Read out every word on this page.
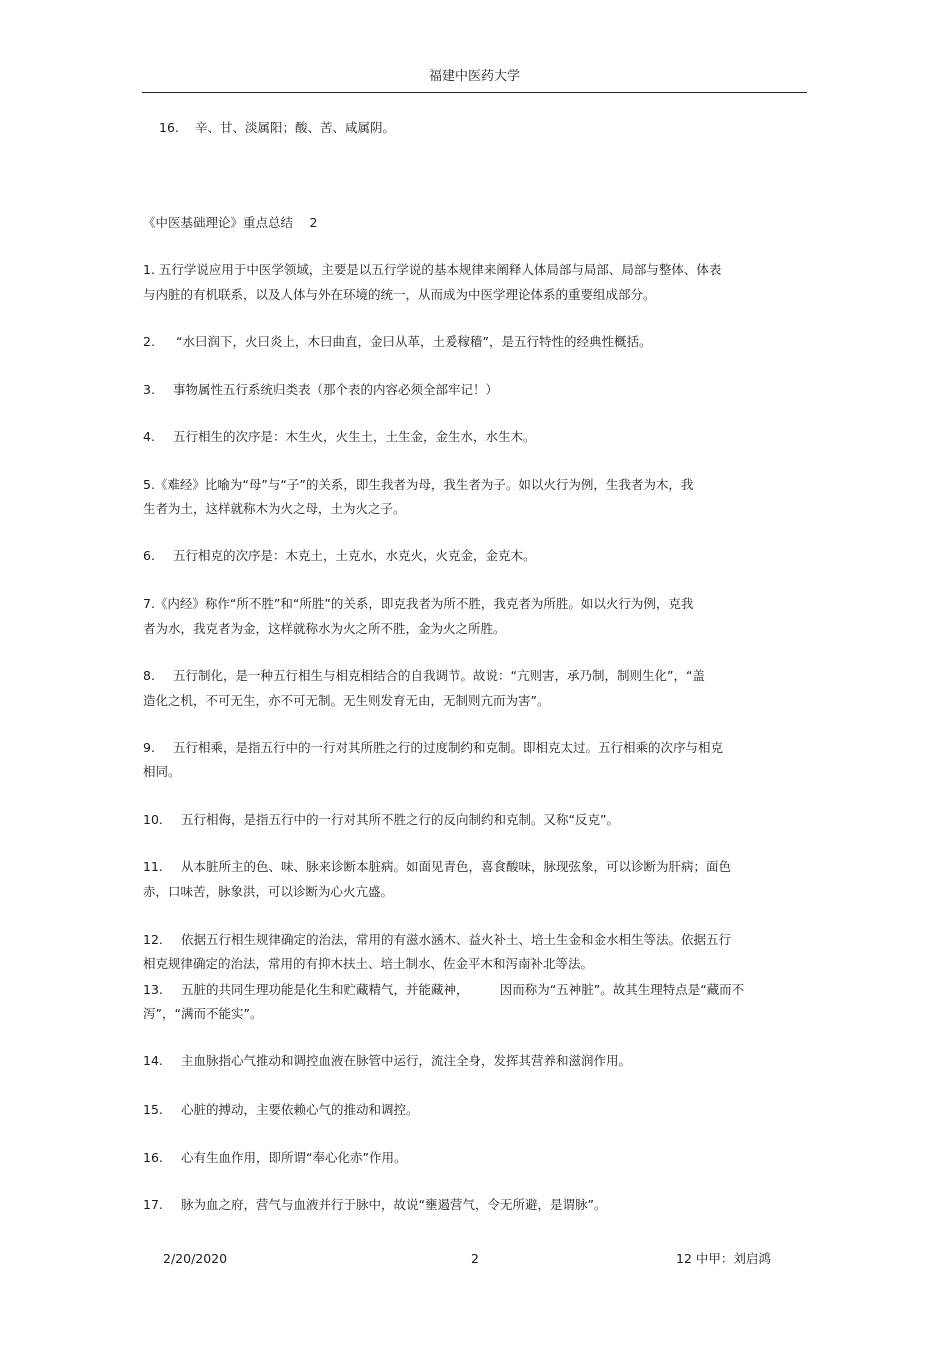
福建中医药大学
16. 辛、甘、淡属阳；酸、苦、咸属阴。
《中医基础理论》重点总结　 2
1. 五行学说应用于中医学领域，主要是以五行学说的基本规律来阐释人体局部与局部、局部与整体、体表
与内脏的有机联系，以及人体与外在环境的统一，从而成为中医学理论体系的重要组成部分。
2. “水曰润下，火曰炎上，木曰曲直，金曰从革，土爰稼穑”，是五行特性的经典性概括。
3. 事物属性五行系统归类表（那个表的内容必须全部牢记！）
4. 五行相生的次序是：木生火，火生土，土生金，金生水，水生木。
5.《难经》比喻为“母”与“子”的关系，即生我者为母，我生者为子。如以火行为例，生我者为木，我
生者为土，这样就称木为火之母，土为火之子。
6. 五行相克的次序是：木克土，土克水，水克火，火克金，金克木。
7.《内经》称作“所不胜”和“所胜”的关系，即克我者为所不胜，我克者为所胜。如以火行为例，克我
者为水，我克者为金，这样就称水为火之所不胜，金为火之所胜。
8. 五行制化，是一种五行相生与相克相结合的自我调节。故说：“亢则害，承乃制，制则生化”，“盖
造化之机，不可无生，亦不可无制。无生则发育无由，无制则亢而为害”。
9. 五行相乘，是指五行中的一行对其所胜之行的过度制约和克制。即相克太过。五行相乘的次序与相克
相同。
10. 五行相侮，是指五行中的一行对其所不胜之行的反向制约和克制。又称“反克”。
11. 从本脏所主的色、味、脉来诊断本脏病。如面见青色，喜食酸味，脉现弦象，可以诊断为肝病；面色
赤，口味苦，脉象洪，可以诊断为心火亢盛。
12. 依据五行相生规律确定的治法，常用的有滋水涵木、益火补土、培土生金和金水相生等法。依据五行
相克规律确定的治法，常用的有抑木扶土、培土制水、佐金平木和泻南补北等法。
13. 五脏的共同生理功能是化生和贮藏精气，并能藏神，　　　因而称为“五神脏”。故其生理特点是“藏而不
泻”，“满而不能实”。
14. 主血脉指心气推动和调控血液在脉管中运行，流注全身，发挥其营养和滋润作用。
15. 心脏的搏动，主要依赖心气的推动和调控。
16. 心有生血作用，即所谓“奉心化赤”作用。
17. 脉为血之府，营气与血液并行于脉中，故说“壅遏营气，令无所避，是谓脉”。
2/20/2020	2	12 中甲：刘启鸿
